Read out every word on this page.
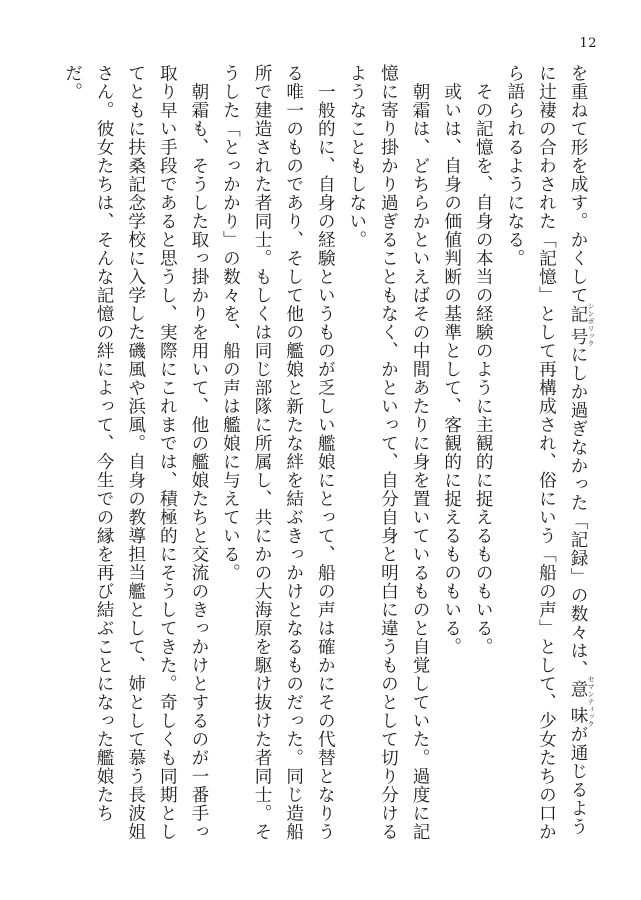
12

を重ねて形を成す。かくして記号 シンボリックにしか過ぎなかった「記録」の数々は、意味 セマンティックが通じるように辻褄の合わされた「記憶」として再構成され、俗にいう「船の声」として、少女たちの口から語られるようになる。

　その記憶を、自身の本当の経験のように主観的に捉えるものもいる。

　或いは、自身の価値判断の基準として、客観的に捉えるものもいる。

　朝霜は、どちらかといえばその中間あたりに身を置いているものと自覚していた。過度に記憶に寄り掛かり過ぎることもなく、かといって、自分自身と明白に違うものとして切り分けるようなこともしない。

　一般的に、自身の経験というものが乏しい艦娘にとって、船の声は確かにその代替となりうる唯一のものであり、そして他の艦娘と新たな絆を結ぶきっかけとなるものだった。同じ造船所で建造された者同士。もしくは同じ部隊に所属し、共にかの大海原を駆け抜けた者同士。そうした「とっかかり」の数々を、船の声は艦娘に与えている。

　朝霜も、そうした取っ掛かりを用いて、他の艦娘たちと交流のきっかけとするのが一番手っ取り早い手段であると思うし、実際にこれまでは、積極的にそうしてきた。奇しくも同期としてともに扶桑記念学校に入学した磯風や浜風。自身の教導担当艦として、姉として慕う長波姐さん。彼女たちは、そんな記憶の絆によって、今生での縁を再び結ぶことになった艦娘たちだ。
